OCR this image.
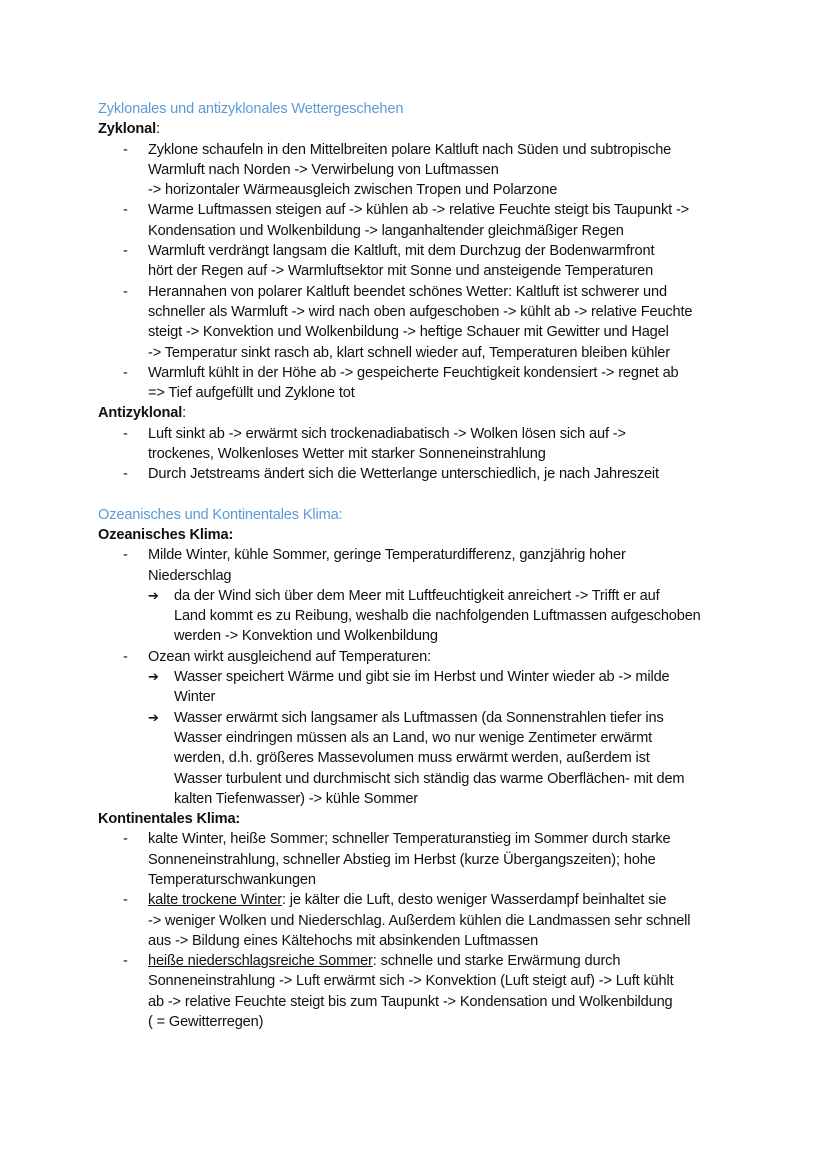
Zyklonales und antizyklonales Wettergeschehen
Zyklonal:
- Zyklone schaufeln in den Mittelbreiten polare Kaltluft nach Süden und subtropische
Warmluft nach Norden -> Verwirbelung von Luftmassen
-> horizontaler Wärmeausgleich zwischen Tropen und Polarzone
- Warme Luftmassen steigen auf -> kühlen ab -> relative Feuchte steigt bis Taupunkt ->
Kondensation und Wolkenbildung -> langanhaltender gleichmäßiger Regen
- Warmluft verdrängt langsam die Kaltluft, mit dem Durchzug der Bodenwarmfront
hört der Regen auf -> Warmluftsektor mit Sonne und ansteigende Temperaturen
- Herannahen von polarer Kaltluft beendet schönes Wetter: Kaltluft ist schwerer und
schneller als Warmluft -> wird nach oben aufgeschoben -> kühlt ab -> relative Feuchte
steigt -> Konvektion und Wolkenbildung -> heftige Schauer mit Gewitter und Hagel
-> Temperatur sinkt rasch ab, klart schnell wieder auf, Temperaturen bleiben kühler
- Warmluft kühlt in der Höhe ab -> gespeicherte Feuchtigkeit kondensiert -> regnet ab
=> Tief aufgefüllt und Zyklone tot
Antizyklonal:
- Luft sinkt ab -> erwärmt sich trockenadiabatisch -> Wolken lösen sich auf ->
trockenes, Wolkenloses Wetter mit starker Sonneneinstrahlung
- Durch Jetstreams ändert sich die Wetterlange unterschiedlich, je nach Jahreszeit
Ozeanisches und Kontinentales Klima:
Ozeanisches Klima:
- Milde Winter, kühle Sommer, geringe Temperaturdifferenz, ganzjährig hoher
Niederschlag
➔ da der Wind sich über dem Meer mit Luftfeuchtigkeit anreichert -> Trifft er auf
Land kommt es zu Reibung, weshalb die nachfolgenden Luftmassen aufgeschoben
werden -> Konvektion und Wolkenbildung
- Ozean wirkt ausgleichend auf Temperaturen:
➔ Wasser speichert Wärme und gibt sie im Herbst und Winter wieder ab -> milde
Winter
➔ Wasser erwärmt sich langsamer als Luftmassen (da Sonnenstrahlen tiefer ins
Wasser eindringen müssen als an Land, wo nur wenige Zentimeter erwärmt
werden, d.h. größeres Massevolumen muss erwärmt werden, außerdem ist
Wasser turbulent und durchmischt sich ständig das warme Oberflächen- mit dem
kalten Tiefenwasser) -> kühle Sommer
Kontinentales Klima:
- kalte Winter, heiße Sommer; schneller Temperaturanstieg im Sommer durch starke
Sonneneinstrahlung, schneller Abstieg im Herbst (kurze Übergangszeiten); hohe
Temperaturschwankungen
- kalte trockene Winter: je kälter die Luft, desto weniger Wasserdampf beinhaltet sie
-> weniger Wolken und Niederschlag. Außerdem kühlen die Landmassen sehr schnell
aus -> Bildung eines Kältehochs mit absinkenden Luftmassen
- heiße niederschlagsreiche Sommer: schnelle und starke Erwärmung durch
Sonneneinstrahlung -> Luft erwärmt sich -> Konvektion (Luft steigt auf) -> Luft kühlt
ab -> relative Feuchte steigt bis zum Taupunkt -> Kondensation und Wolkenbildung
( = Gewitterregen)
